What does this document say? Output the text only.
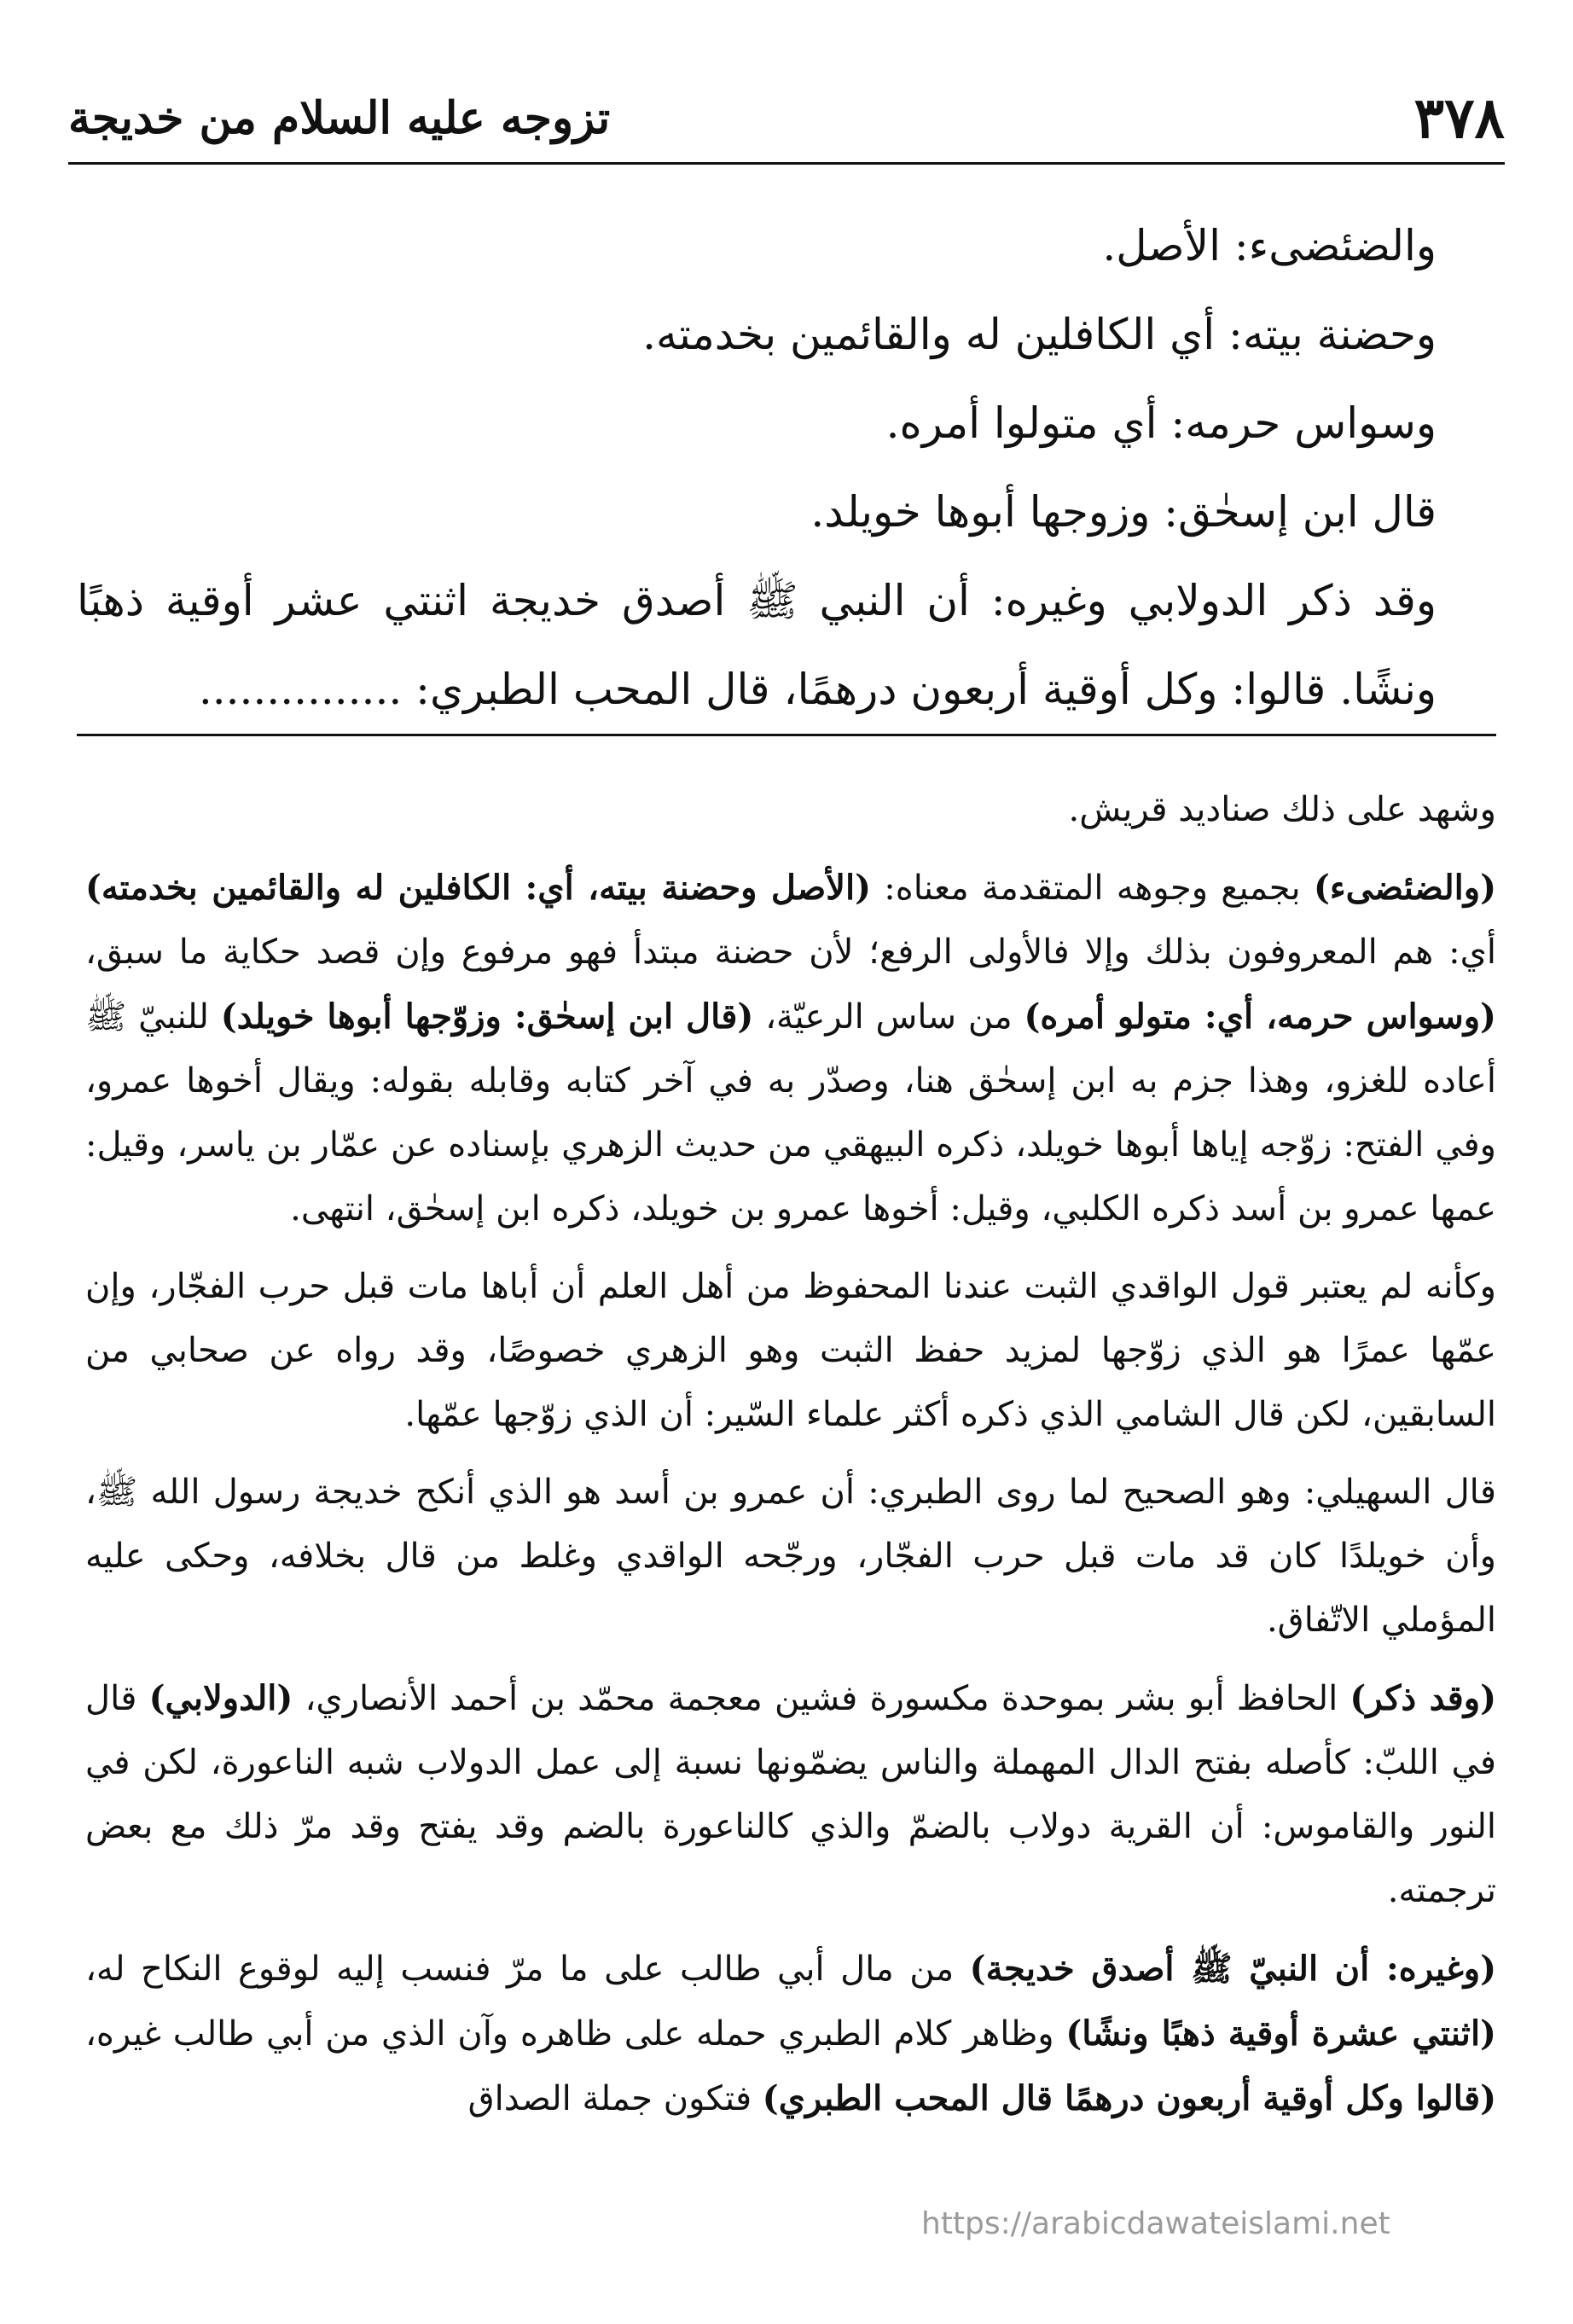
٣٧٨
تزوجه عليه السلام من خديجة

والضئضىء: الأصل.

وحضنة بيته: أي الكافلين له والقائمين بخدمته.

وسواس حرمه: أي متولوا أمره.

قال ابن إسحٰق: وزوجها أبوها خويلد.

وقد ذكر الدولابي وغيره: أن النبي ﷺ أصدق خديجة اثنتي عشر أوقية ذهبًا ونشًا. قالوا: وكل أوقية أربعون درهمًا، قال المحب الطبري: ...............

وشهد على ذلك صناديد قريش.

(والضئضىء) بجميع وجوهه المتقدمة معناه: (الأصل وحضنة بيته، أي: الكافلين له والقائمين بخدمته) أي: هم المعروفون بذلك وإلا فالأولى الرفع؛ لأن حضنة مبتدأ فهو مرفوع وإن قصد حكاية ما سبق، (وسواس حرمه، أي: متولو أمره) من ساس الرعيّة، (قال ابن إسحٰق: وزوّجها أبوها خويلد) للنبيّ ﷺ أعاده للغزو، وهذا جزم به ابن إسحٰق هنا، وصدّر به في آخر كتابه وقابله بقوله: ويقال أخوها عمرو، وفي الفتح: زوّجه إياها أبوها خويلد، ذكره البيهقي من حديث الزهري بإسناده عن عمّار بن ياسر، وقيل: عمها عمرو بن أسد ذكره الكلبي، وقيل: أخوها عمرو بن خويلد، ذكره ابن إسحٰق، انتهى.

وكأنه لم يعتبر قول الواقدي الثبت عندنا المحفوظ من أهل العلم أن أباها مات قبل حرب الفجّار، وإن عمّها عمرًا هو الذي زوّجها لمزيد حفظ الثبت وهو الزهري خصوصًا، وقد رواه عن صحابي من السابقين، لكن قال الشامي الذي ذكره أكثر علماء السّير: أن الذي زوّجها عمّها.

قال السهيلي: وهو الصحيح لما روى الطبري: أن عمرو بن أسد هو الذي أنكح خديجة رسول الله ﷺ، وأن خويلدًا كان قد مات قبل حرب الفجّار، ورجّحه الواقدي وغلط من قال بخلافه، وحكى عليه المؤملي الاتّفاق.

(وقد ذكر) الحافظ أبو بشر بموحدة مكسورة فشين معجمة محمّد بن أحمد الأنصاري، (الدولابي) قال في اللبّ: كأصله بفتح الدال المهملة والناس يضمّونها نسبة إلى عمل الدولاب شبه الناعورة، لكن في النور والقاموس: أن القرية دولاب بالضمّ والذي كالناعورة بالضم وقد يفتح وقد مرّ ذلك مع بعض ترجمته.

(وغيره: أن النبيّ ﷺ أصدق خديجة) من مال أبي طالب على ما مرّ فنسب إليه لوقوع النكاح له، (اثنتي عشرة أوقية ذهبًا ونشًا) وظاهر كلام الطبري حمله على ظاهره وآن الذي من أبي طالب غيره، (قالوا وكل أوقية أربعون درهمًا قال المحب الطبري) فتكون جملة الصداق

https://arabicdawateislami.net
